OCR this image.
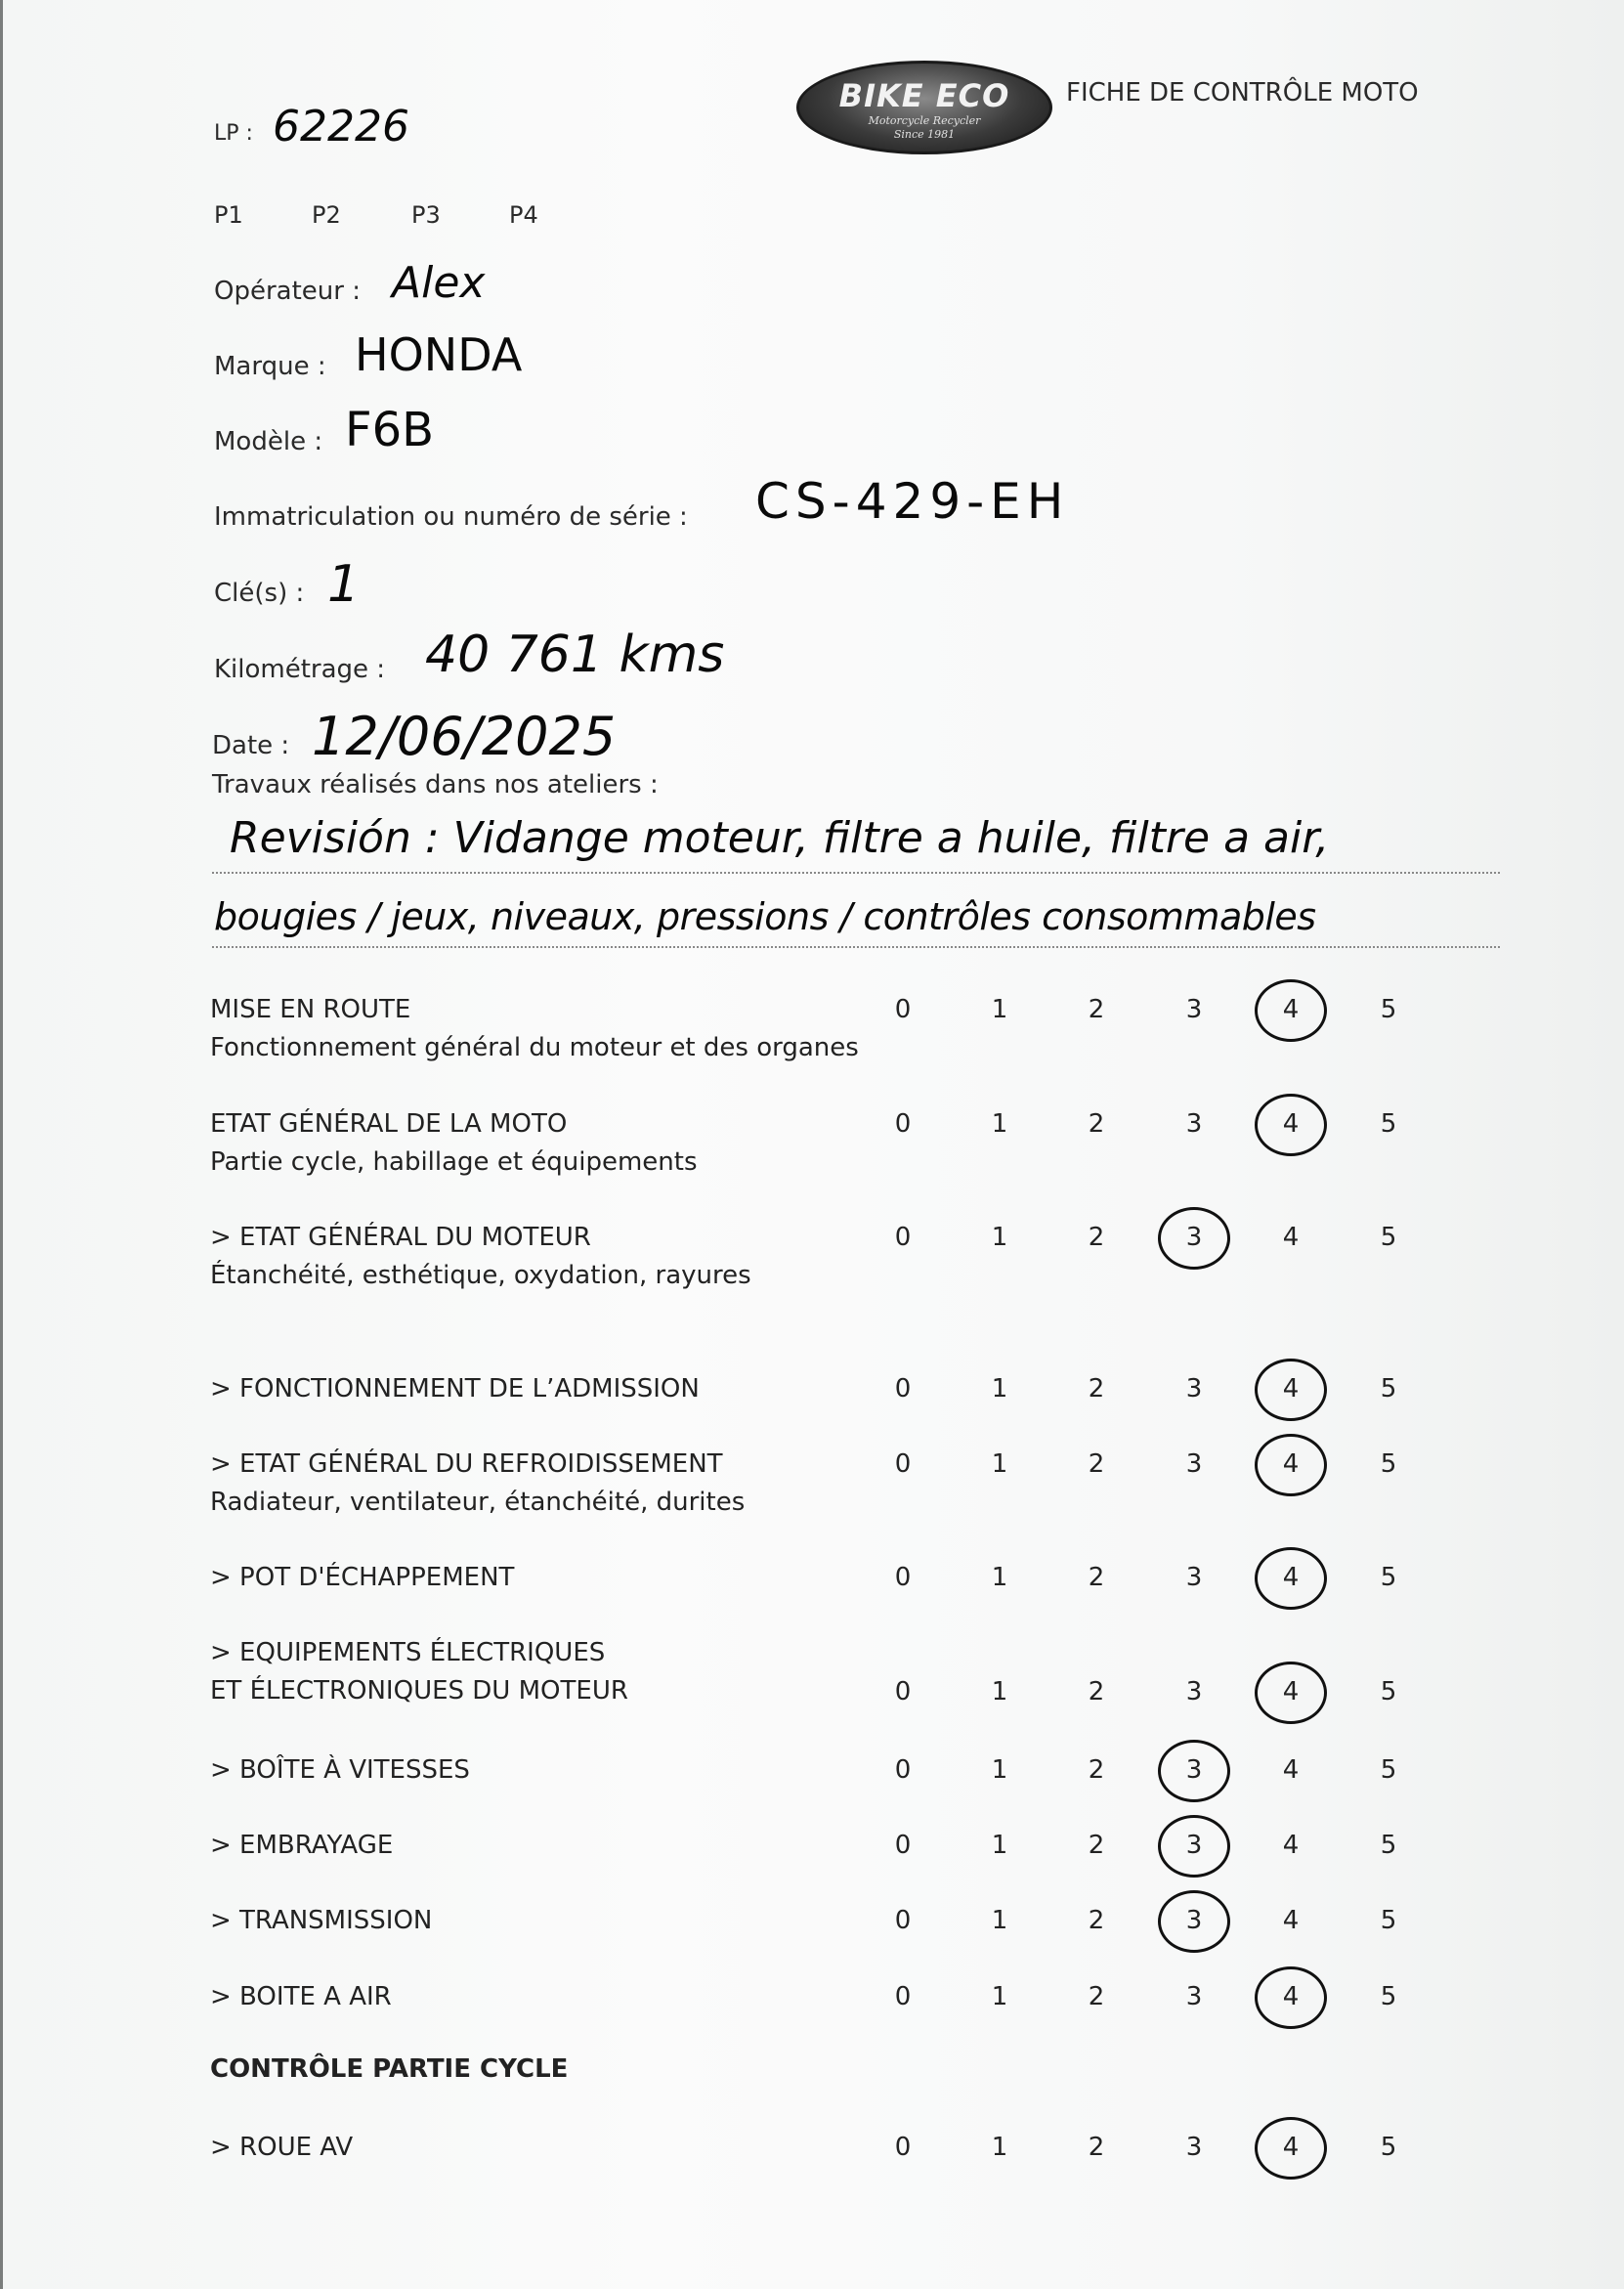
LP : 62226
BIKE ECO
Motorcycle Recycler
Since 1981
FICHE DE CONTRÔLE MOTO
P1	P2	P3	P4
Opérateur : Alex
Marque : HONDA
Modèle : F6B
Immatriculation ou numéro de série : CS-429-EH
Clé(s) : 1
Kilométrage : 40 761 kms
Date : 12/06/2025
Travaux réalisés dans nos ateliers :
Revisión : Vidange moteur, filtre a huile, filtre a air,
bougies / jeux, niveaux, pressions / contrôles consommables
MISE EN ROUTE
Fonctionnement général du moteur et des organes
0	1	2	3	4	5
ETAT GÉNÉRAL DE LA MOTO
Partie cycle, habillage et équipements
0	1	2	3	4	5
> ETAT GÉNÉRAL DU MOTEUR
Étanchéité, esthétique, oxydation, rayures
0	1	2	3	4	5
> FONCTIONNEMENT DE L’ADMISSION	0	1	2	3	4	5
> ETAT GÉNÉRAL DU REFROIDISSEMENT
Radiateur, ventilateur, étanchéité, durites
0	1	2	3	4	5
> POT D'ÉCHAPPEMENT	0	1	2	3	4	5
> EQUIPEMENTS ÉLECTRIQUES
ET ÉLECTRONIQUES DU MOTEUR	0	1	2	3	4	5
> BOÎTE À VITESSES	0	1	2	3	4	5
> EMBRAYAGE	0	1	2	3	4	5
> TRANSMISSION	0	1	2	3	4	5
> BOITE A AIR	0	1	2	3	4	5
CONTRÔLE PARTIE CYCLE
> ROUE AV	0	1	2	3	4	5
